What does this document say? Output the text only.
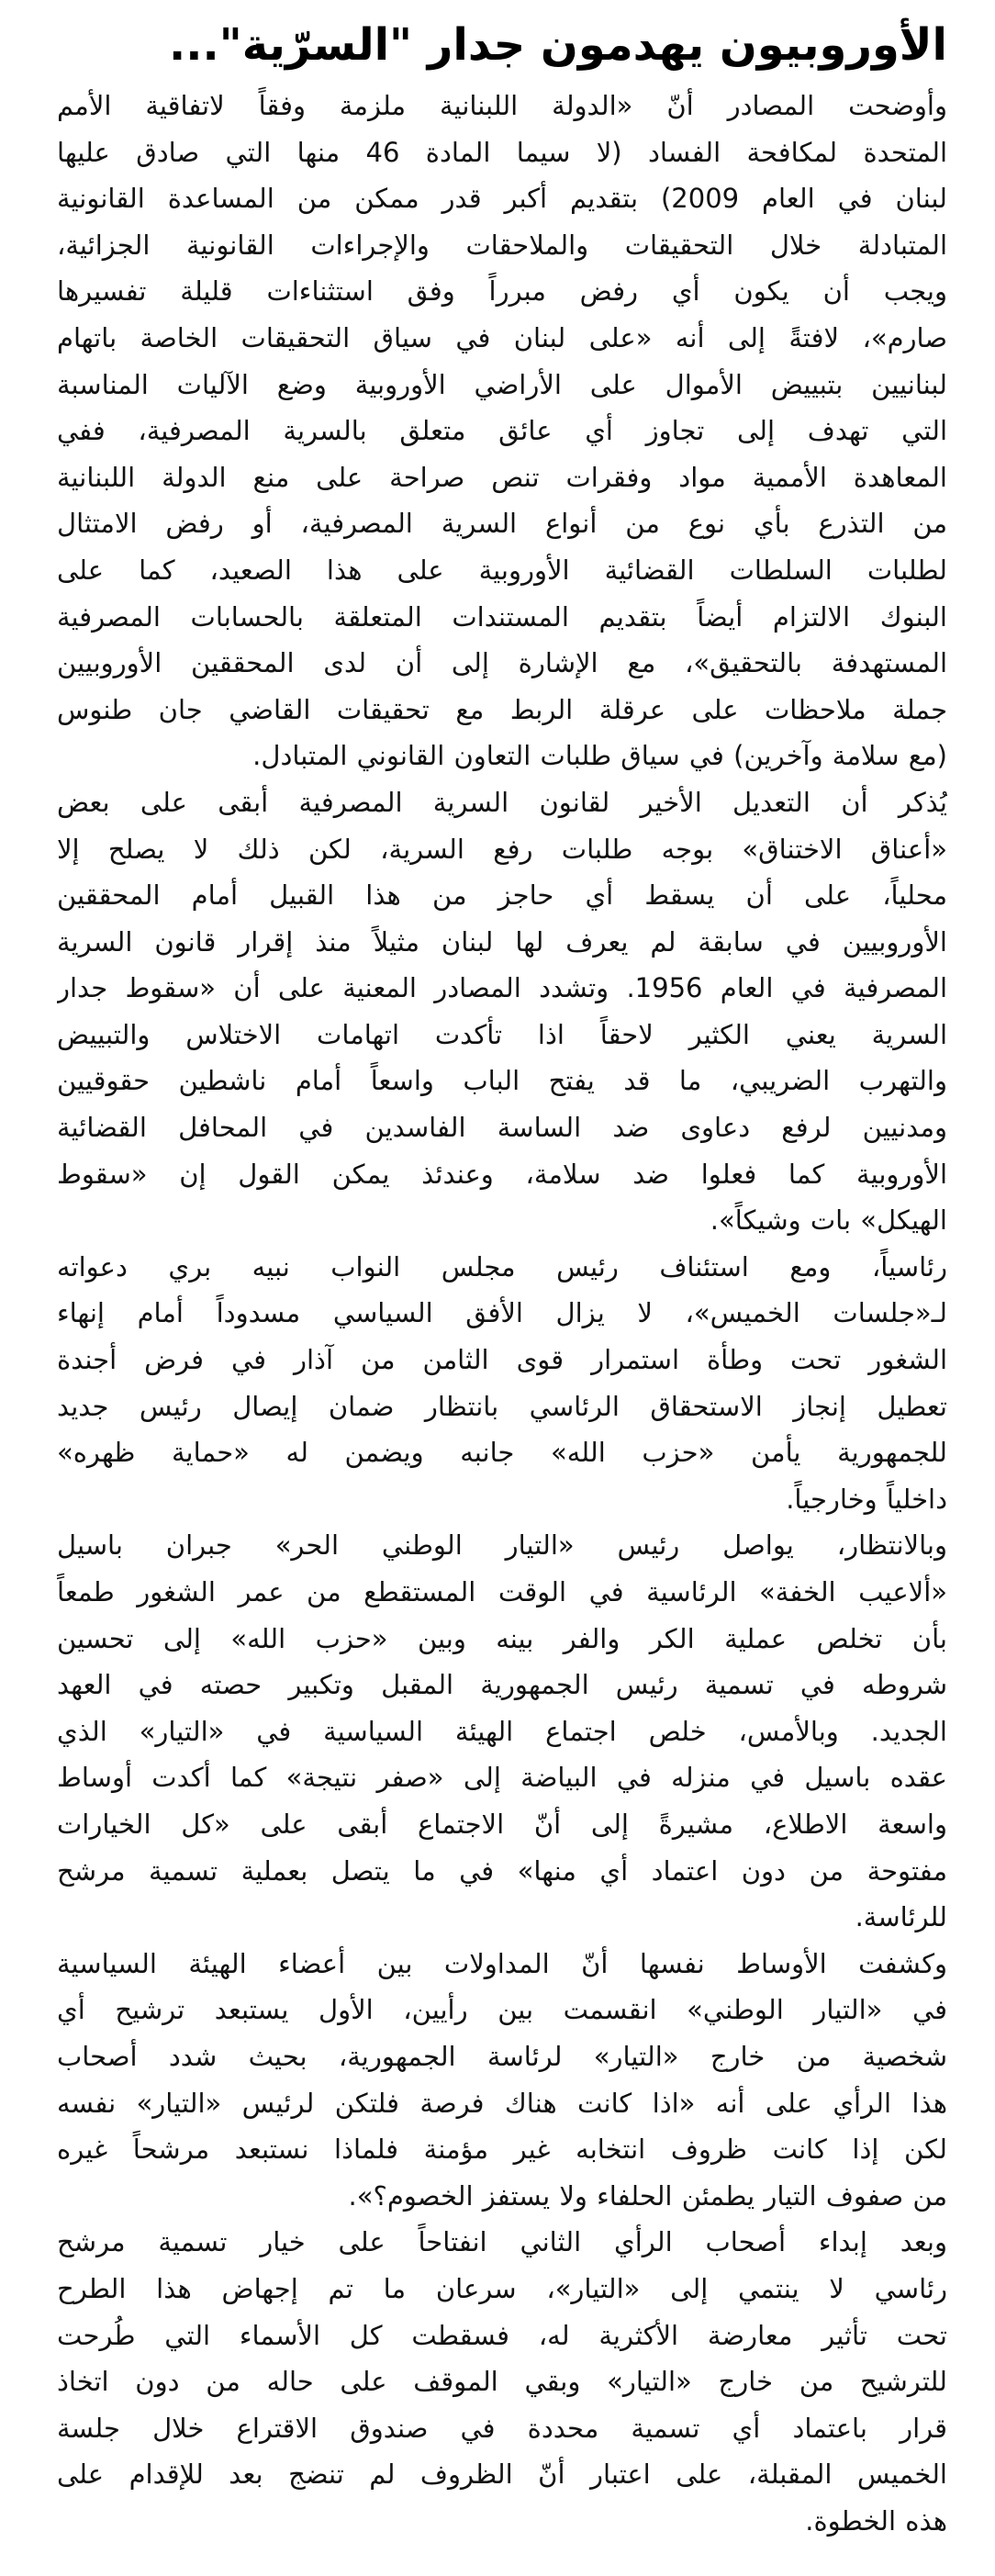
الأوروبيون يهدمون جدار "السرّية"...
وأوضحت المصادر أنّ «الدولة اللبنانية ملزمة وفقاً لاتفاقية الأمم
المتحدة لمكافحة الفساد (لا سيما المادة 46 منها التي صادق عليها
لبنان في العام 2009) بتقديم أكبر قدر ممكن من المساعدة القانونية
المتبادلة خلال التحقيقات والملاحقات والإجراءات القانونية الجزائية،
ويجب أن يكون أي رفض مبرراً وفق استثناءات قليلة تفسيرها
صارم»، لافتةً إلى أنه «على لبنان في سياق التحقيقات الخاصة باتهام
لبنانيين بتبييض الأموال على الأراضي الأوروبية وضع الآليات المناسبة
التي تهدف إلى تجاوز أي عائق متعلق بالسرية المصرفية، ففي
المعاهدة الأممية مواد وفقرات تنص صراحة على منع الدولة اللبنانية
من التذرع بأي نوع من أنواع السرية المصرفية، أو رفض الامتثال
لطلبات السلطات القضائية الأوروبية على هذا الصعيد، كما على
البنوك الالتزام أيضاً بتقديم المستندات المتعلقة بالحسابات المصرفية
المستهدفة بالتحقيق»، مع الإشارة إلى أن لدى المحققين الأوروبيين
جملة ملاحظات على عرقلة الربط مع تحقيقات القاضي جان طنوس
(مع سلامة وآخرين) في سياق طلبات التعاون القانوني المتبادل.
يُذكر أن التعديل الأخير لقانون السرية المصرفية أبقى على بعض
«أعناق الاختناق» بوجه طلبات رفع السرية، لكن ذلك لا يصلح إلا
محلياً، على أن يسقط أي حاجز من هذا القبيل أمام المحققين
الأوروبيين في سابقة لم يعرف لها لبنان مثيلاً منذ إقرار قانون السرية
المصرفية في العام 1956. وتشدد المصادر المعنية على أن «سقوط جدار
السرية يعني الكثير لاحقاً اذا تأكدت اتهامات الاختلاس والتبييض
والتهرب الضريبي، ما قد يفتح الباب واسعاً أمام ناشطين حقوقيين
ومدنيين لرفع دعاوى ضد الساسة الفاسدين في المحافل القضائية
الأوروبية كما فعلوا ضد سلامة، وعندئذ يمكن القول إن «سقوط
الهيكل» بات وشيكاً».
رئاسياً، ومع استئناف رئيس مجلس النواب نبيه بري دعواته
لـ«جلسات الخميس»، لا يزال الأفق السياسي مسدوداً أمام إنهاء
الشغور تحت وطأة استمرار قوى الثامن من آذار في فرض أجندة
تعطيل إنجاز الاستحقاق الرئاسي بانتظار ضمان إيصال رئيس جديد
للجمهورية يأمن «حزب الله» جانبه ويضمن له «حماية ظهره»
داخلياً وخارجياً.
وبالانتظار، يواصل رئيس «التيار الوطني الحر» جبران باسيل
«ألاعيب الخفة» الرئاسية في الوقت المستقطع من عمر الشغور طمعاً
بأن تخلص عملية الكر والفر بينه وبين «حزب الله» إلى تحسين
شروطه في تسمية رئيس الجمهورية المقبل وتكبير حصته في العهد
الجديد. وبالأمس، خلص اجتماع الهيئة السياسية في «التيار» الذي
عقده باسيل في منزله في البياضة إلى «صفر نتيجة» كما أكدت أوساط
واسعة الاطلاع، مشيرةً إلى أنّ الاجتماع أبقى على «كل الخيارات
مفتوحة من دون اعتماد أي منها» في ما يتصل بعملية تسمية مرشح
للرئاسة.
وكشفت الأوساط نفسها أنّ المداولات بين أعضاء الهيئة السياسية
في «التيار الوطني» انقسمت بين رأيين، الأول يستبعد ترشيح أي
شخصية من خارج «التيار» لرئاسة الجمهورية، بحيث شدد أصحاب
هذا الرأي على أنه «اذا كانت هناك فرصة فلتكن لرئيس «التيار» نفسه
لكن إذا كانت ظروف انتخابه غير مؤمنة فلماذا نستبعد مرشحاً غيره
من صفوف التيار يطمئن الحلفاء ولا يستفز الخصوم؟».
وبعد إبداء أصحاب الرأي الثاني انفتاحاً على خيار تسمية مرشح
رئاسي لا ينتمي إلى «التيار»، سرعان ما تم إجهاض هذا الطرح
تحت تأثير معارضة الأكثرية له، فسقطت كل الأسماء التي طُرحت
للترشيح من خارج «التيار» وبقي الموقف على حاله من دون اتخاذ
قرار باعتماد أي تسمية محددة في صندوق الاقتراع خلال جلسة
الخميس المقبلة، على اعتبار أنّ الظروف لم تنضج بعد للإقدام على
هذه الخطوة.
